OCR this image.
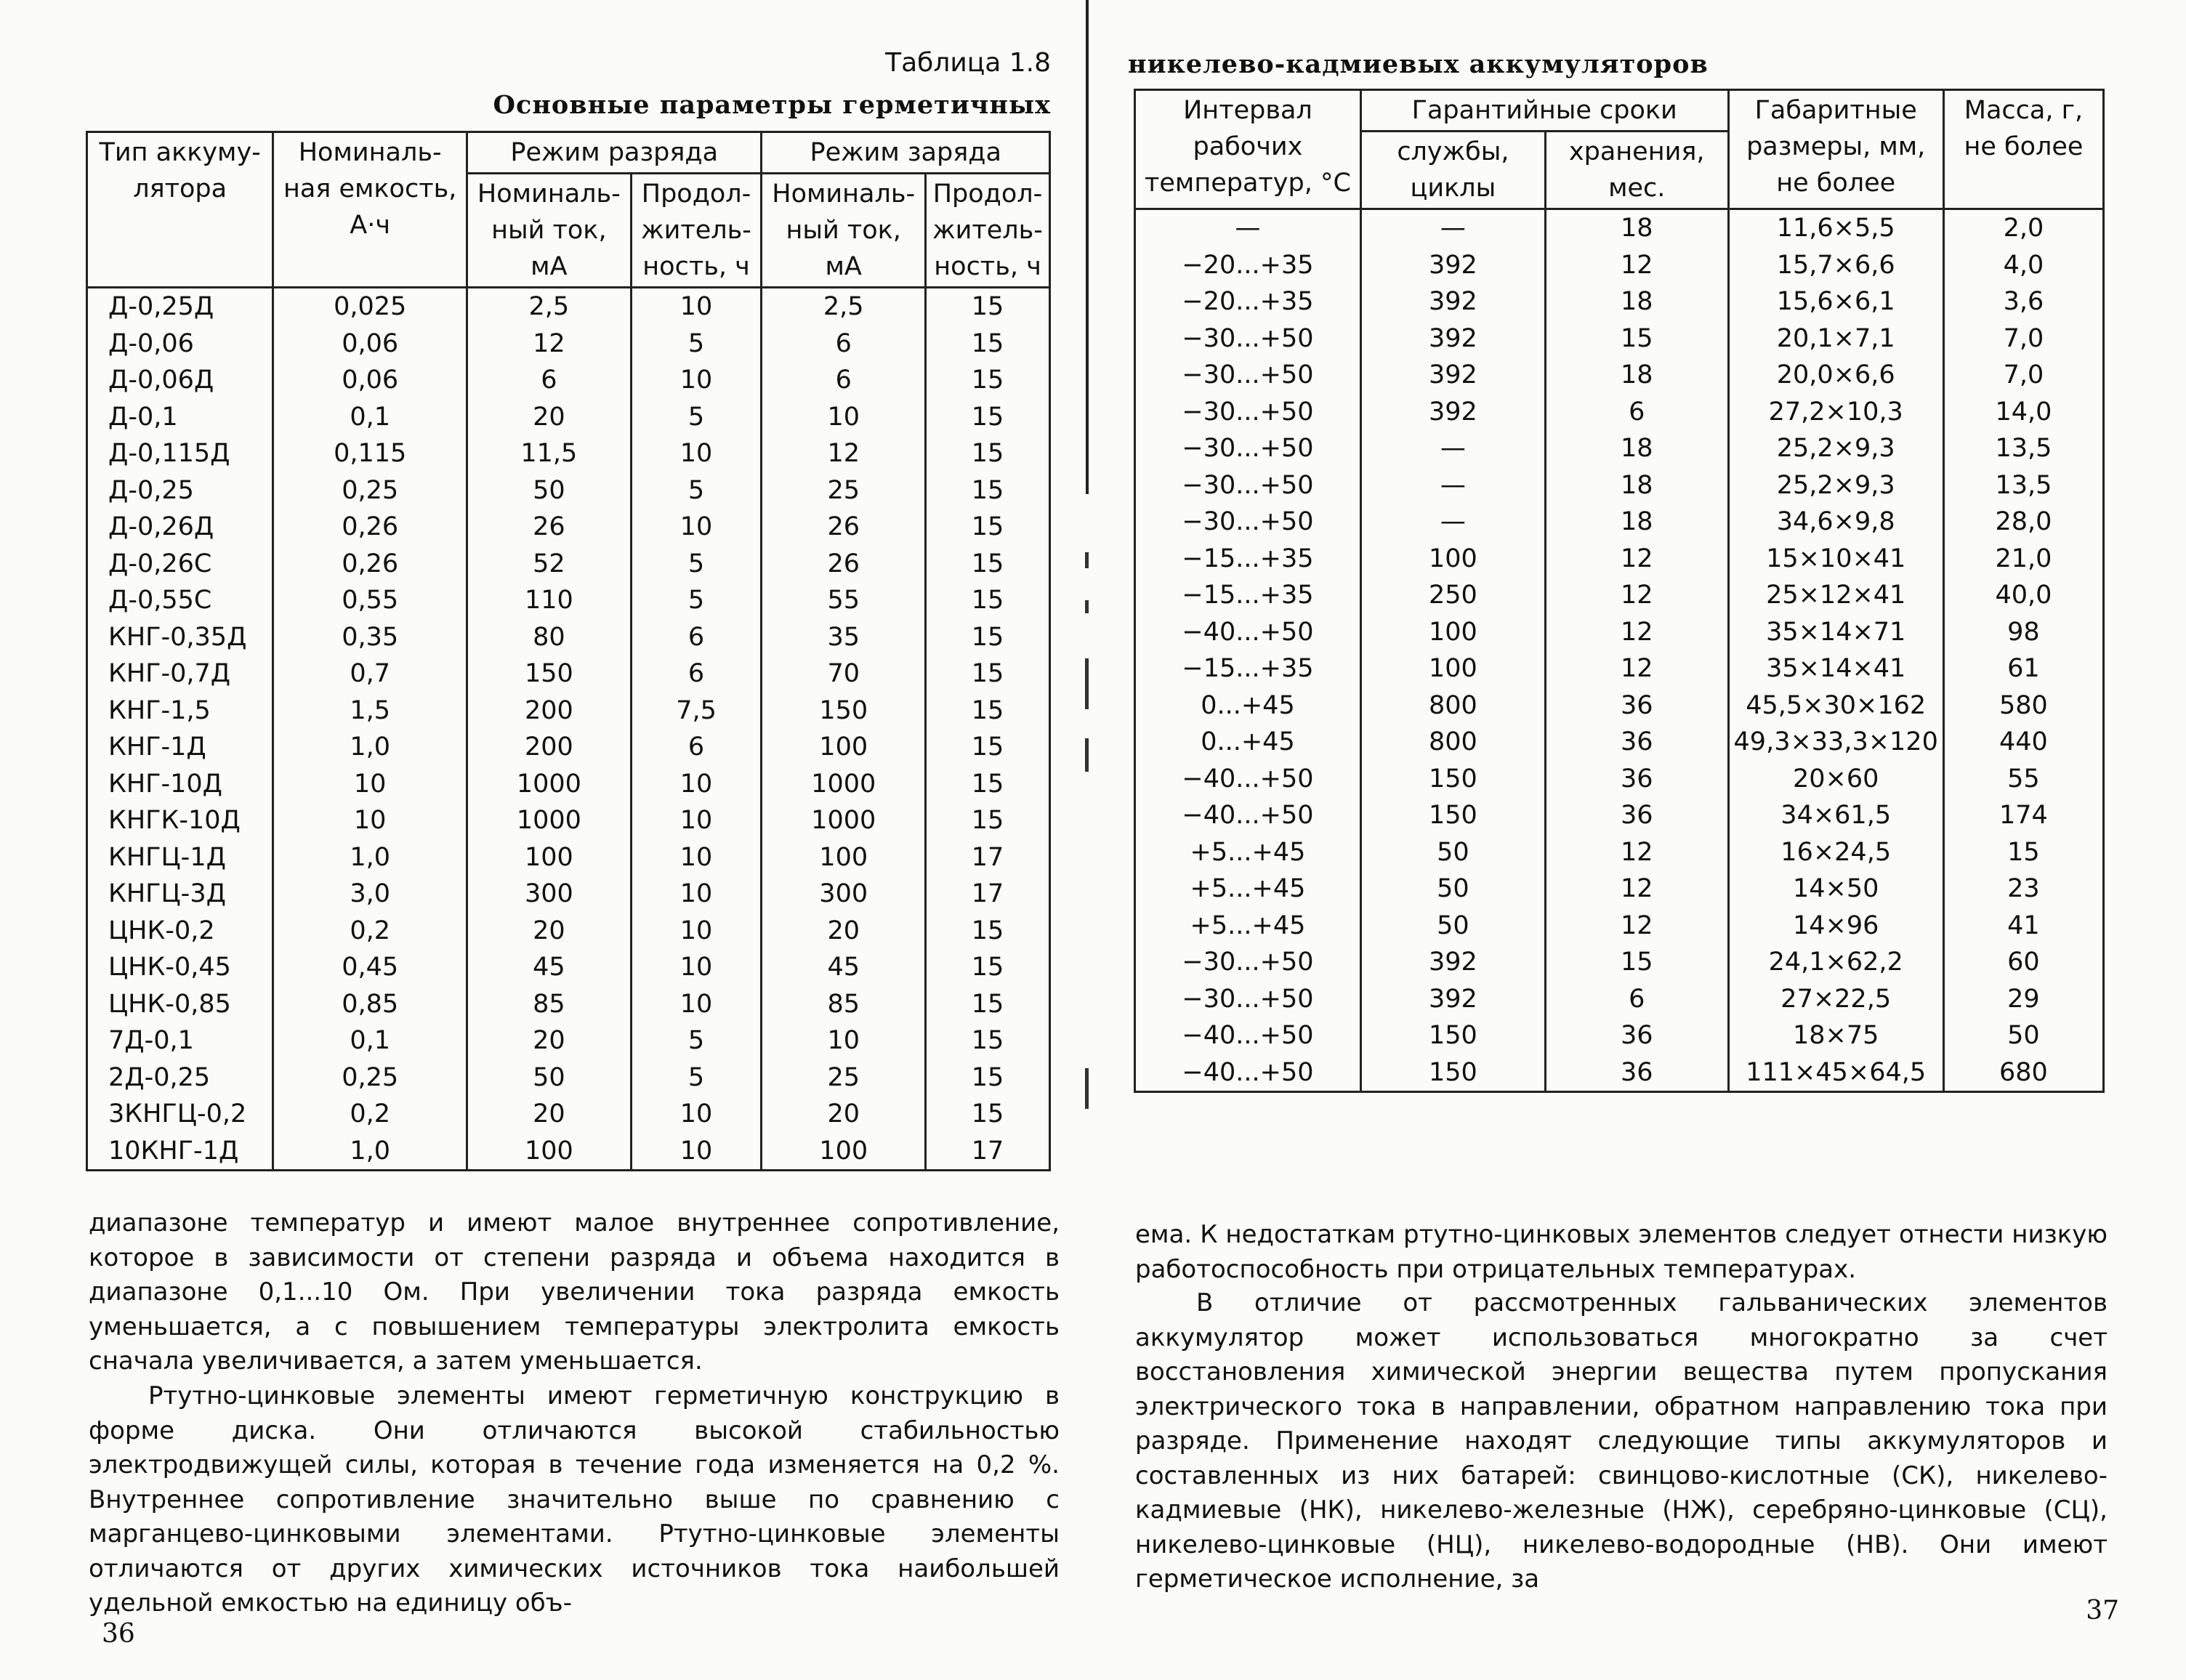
Таблица 1.8
Основные параметры герметичных
Тип аккуму-лятора	Номиналь-ная емкость, А·ч	Режим разряда		Режим заряда	
		Номиналь-ный ток, мА	Продол-житель-ность, ч	Номиналь-ный ток, мА	Продол-житель-ность, ч
Д-0,25Д	0,025	2,5	10	2,5	15
Д-0,06	0,06	12	5	6	15
Д-0,06Д	0,06	6	10	6	15
Д-0,1	0,1	20	5	10	15
Д-0,115Д	0,115	11,5	10	12	15
Д-0,25	0,25	50	5	25	15
Д-0,26Д	0,26	26	10	26	15
Д-0,26С	0,26	52	5	26	15
Д-0,55С	0,55	110	5	55	15
КНГ-0,35Д	0,35	80	6	35	15
КНГ-0,7Д	0,7	150	6	70	15
КНГ-1,5	1,5	200	7,5	150	15
КНГ-1Д	1,0	200	6	100	15
КНГ-10Д	10	1000	10	1000	15
КНГК-10Д	10	1000	10	1000	15
КНГЦ-1Д	1,0	100	10	100	17
КНГЦ-3Д	3,0	300	10	300	17
ЦНК-0,2	0,2	20	10	20	15
ЦНК-0,45	0,45	45	10	45	15
ЦНК-0,85	0,85	85	10	85	15
7Д-0,1	0,1	20	5	10	15
2Д-0,25	0,25	50	5	25	15
3КНГЦ-0,2	0,2	20	10	20	15
10КНГ-1Д	1,0	100	10	100	17

диапазоне температур и имеют малое внутреннее сопротивление, которое в зависимости от степени разряда и объема находится в диапазоне 0,1...10 Ом. При увеличении тока разряда емкость уменьшается, а с повышением температуры электролита емкость сначала увеличивается, а затем уменьшается.

Ртутно-цинковые элементы имеют герметичную конструкцию в форме диска. Они отличаются высокой стабильностью электродвижущей силы, которая в течение года изменяется на 0,2 %. Внутреннее сопротивление значительно выше по сравнению с марганцево-цинковыми элементами. Ртутно-цинковые элементы отличаются от других химических источников тока наибольшей удельной емкостью на единицу объ-

36
никелево-кадмиевых аккумуляторов
Интервал рабочих температур, °С	Гарантийные сроки		Габаритные размеры, мм, не более	Масса, г, не более
	службы, циклы	хранения, мес.		
—	—	18	11,6×5,5	2,0
−20...+35	392	12	15,7×6,6	4,0
−20...+35	392	18	15,6×6,1	3,6
−30...+50	392	15	20,1×7,1	7,0
−30...+50	392	18	20,0×6,6	7,0
−30...+50	392	6	27,2×10,3	14,0
−30...+50	—	18	25,2×9,3	13,5
−30...+50	—	18	25,2×9,3	13,5
−30...+50	—	18	34,6×9,8	28,0
−15...+35	100	12	15×10×41	21,0
−15...+35	250	12	25×12×41	40,0
−40...+50	100	12	35×14×71	98
−15...+35	100	12	35×14×41	61
0...+45	800	36	45,5×30×162	580
0...+45	800	36	49,3×33,3×120	440
−40...+50	150	36	20×60	55
−40...+50	150	36	34×61,5	174
+5...+45	50	12	16×24,5	15
+5...+45	50	12	14×50	23
+5...+45	50	12	14×96	41
−30...+50	392	15	24,1×62,2	60
−30...+50	392	6	27×22,5	29
−40...+50	150	36	18×75	50
−40...+50	150	36	111×45×64,5	680

ема. К недостаткам ртутно-цинковых элементов следует отнести низкую работоспособность при отрицательных температурах.

В отличие от рассмотренных гальванических элементов аккумулятор может использоваться многократно за счет восстановления химической энергии вещества путем пропускания электрического тока в направлении, обратном направлению тока при разряде. Применение находят следующие типы аккумуляторов и составленных из них батарей: свинцово-кислотные (СК), никелево-кадмиевые (НК), никелево-железные (НЖ), серебряно-цинковые (СЦ), никелево-цинковые (НЦ), никелево-водородные (НВ). Они имеют герметическое исполнение, за

37
